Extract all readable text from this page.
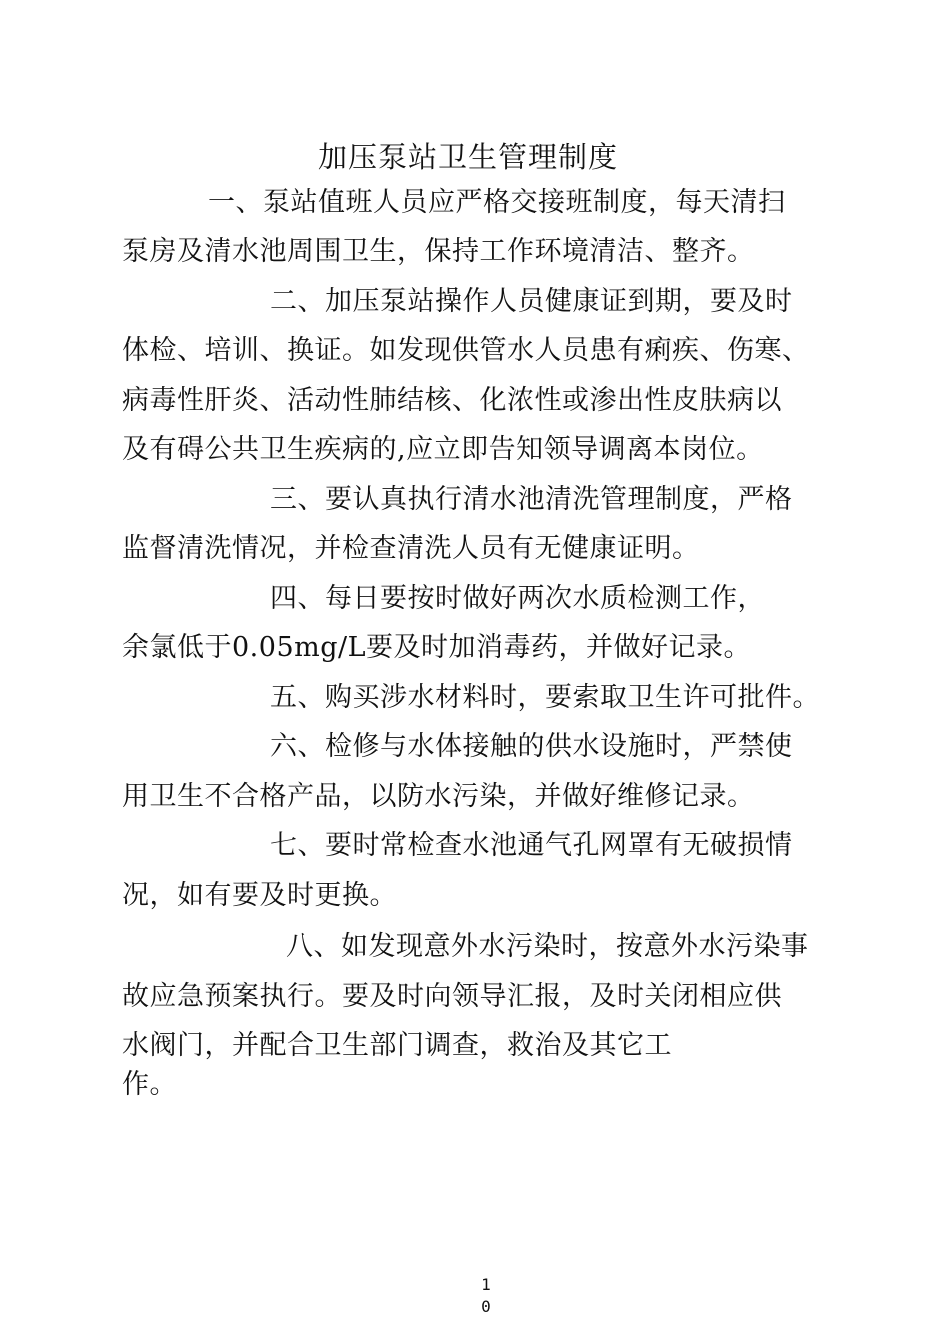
加压泵站卫生管理制度
一、泵站值班人员应严格交接班制度，每天清扫
泵房及清水池周围卫生，保持工作环境清洁、整齐。
二、加压泵站操作人员健康证到期，要及时
体检、培训、换证。如发现供管水人员患有痢疾、伤寒、
病毒性肝炎、活动性肺结核、化浓性或渗出性皮肤病以
及有碍公共卫生疾病的,应立即告知领导调离本岗位。
三、要认真执行清水池清洗管理制度，严格
监督清洗情况，并检查清洗人员有无健康证明。
四、每日要按时做好两次水质检测工作，
余氯低于0.05mg/L要及时加消毒药，并做好记录。
五、购买涉水材料时，要索取卫生许可批件。
六、检修与水体接触的供水设施时，严禁使
用卫生不合格产品，以防水污染，并做好维修记录。
七、要时常检查水池通气孔网罩有无破损情
况，如有要及时更换。
八、如发现意外水污染时，按意外水污染事
故应急预案执行。要及时向领导汇报，及时关闭相应供
水阀门，并配合卫生部门调查，救治及其它工
作。
1
0
